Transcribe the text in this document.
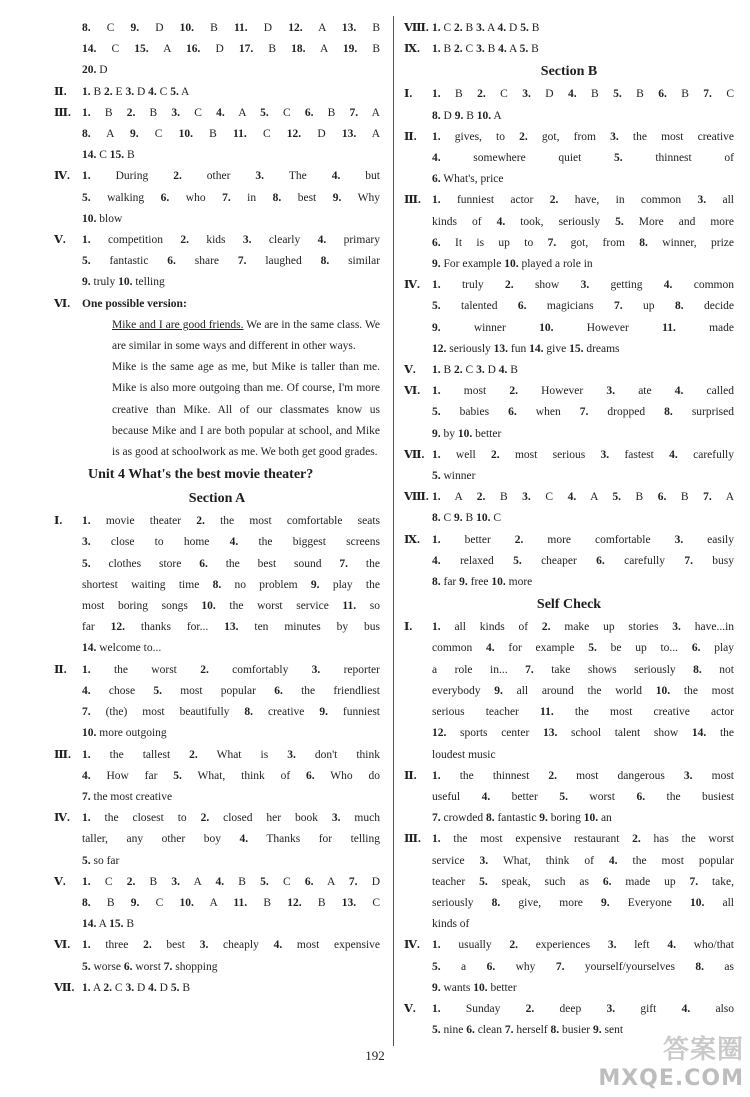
8. C 9. D 10. B 11. D 12. A 13. B
14. C 15. A 16. D 17. B 18. A 19. B
20. D
Ⅱ.	1. B 2. E 3. D 4. C 5. A
Ⅲ. 1. B 2. B 3. C 4. A 5. C 6. B 7. A
8. A 9. C 10. B 11. C 12. D 13. A
14. C 15. B
Ⅳ.	1. During 2. other 3. The 4. but
5. walking 6. who 7. in 8. best 9. Why
10. blow
Ⅴ.	1. competition 2. kids 3. clearly 4. primary
5. fantastic 6. share 7. laughed 8. similar
9. truly 10. telling
Ⅵ.	One possible version:

Mike and I are good friends. We are in the same class. We are similar in some ways and different in other ways.

Mike is the same age as me, but Mike is taller than me. Mike is also more outgoing than me. Of course, I'm more creative than Mike. All of our classmates know us because Mike and I are both popular at school, and Mike is as good at schoolwork as me. We both get good grades.

Unit 4 What's the best movie theater?
Section A
Ⅰ.	1. movie theater 2. the most comfortable seats
3. close to home 4. the biggest screens
5. clothes store 6. the best sound 7. the
shortest waiting time 8. no problem 9. play the
most boring songs 10. the worst service 11. so
far 12. thanks for... 13. ten minutes by bus
14. welcome to...
Ⅱ.	1. the worst 2. comfortably 3. reporter
4. chose 5. most popular 6. the friendliest
7. (the) most beautifully 8. creative 9. funniest
10. more outgoing
Ⅲ. 1. the tallest 2. What is 3. don't think
4. How far 5. What, think of 6. Who do
7. the most creative
Ⅳ.	1. the closest to 2. closed her book 3. much
taller, any other boy 4. Thanks for telling
5. so far
Ⅴ.	1. C 2. B 3. A 4. B 5. C 6. A 7. D
8. B 9. C 10. A 11. B 12. B 13. C
14. A 15. B
Ⅵ.	1. three 2. best 3. cheaply 4. most expensive
5. worse 6. worst 7. shopping
Ⅶ. 1. A 2. C 3. D 4. D 5. B
Ⅷ. 1. C 2. B 3. A 4. D 5. B
Ⅸ.	1. B 2. C 3. B 4. A 5. B
Section B
Ⅰ.	1. B 2. C 3. D 4. B 5. B 6. B 7. C
8. D 9. B 10. A
Ⅱ.	1. gives, to 2. got, from 3. the most creative
4. somewhere quiet 5. thinnest of
6. What's, price
Ⅲ. 1. funniest actor 2. have, in common 3. all
kinds of 4. took, seriously 5. More and more
6. It is up to 7. got, from 8. winner, prize
9. For example 10. played a role in
Ⅳ.	1. truly 2. show 3. getting 4. common
5. talented 6. magicians 7. up 8. decide
9. winner 10. However 11. made
12. seriously 13. fun 14. give 15. dreams
Ⅴ.	1. B 2. C 3. D 4. B
Ⅵ.	1. most 2. However 3. ate 4. called
5. babies 6. when 7. dropped 8. surprised
9. by 10. better
Ⅶ. 1. well 2. most serious 3. fastest 4. carefully
5. winner
Ⅷ. 1. A 2. B 3. C 4. A 5. B 6. B 7. A
8. C 9. B 10. C
Ⅸ.	1. better 2. more comfortable 3. easily
4. relaxed 5. cheaper 6. carefully 7. busy
8. far 9. free 10. more
Self Check
Ⅰ.	1. all kinds of 2. make up stories 3. have...in
common 4. for example 5. be up to... 6. play
a role in... 7. take shows seriously 8. not
everybody 9. all around the world 10. the most
serious teacher 11. the most creative actor
12. sports center 13. school talent show 14. the
loudest music
Ⅱ.	1. the thinnest 2. most dangerous 3. most
useful 4. better 5. worst 6. the busiest
7. crowded 8. fantastic 9. boring 10. an
Ⅲ. 1. the most expensive restaurant 2. has the worst
service 3. What, think of 4. the most popular
teacher 5. speak, such as 6. made up 7. take,
seriously 8. give, more 9. Everyone 10. all
kinds of
Ⅳ.	1. usually 2. experiences 3. left 4. who/that
5. a 6. why 7. yourself/yourselves 8. as
9. wants 10. better
Ⅴ.	1. Sunday 2. deep 3. gift 4. also
5. nine 6. clean 7. herself 8. busier 9. sent
192	答案圈
MXQE.COM
